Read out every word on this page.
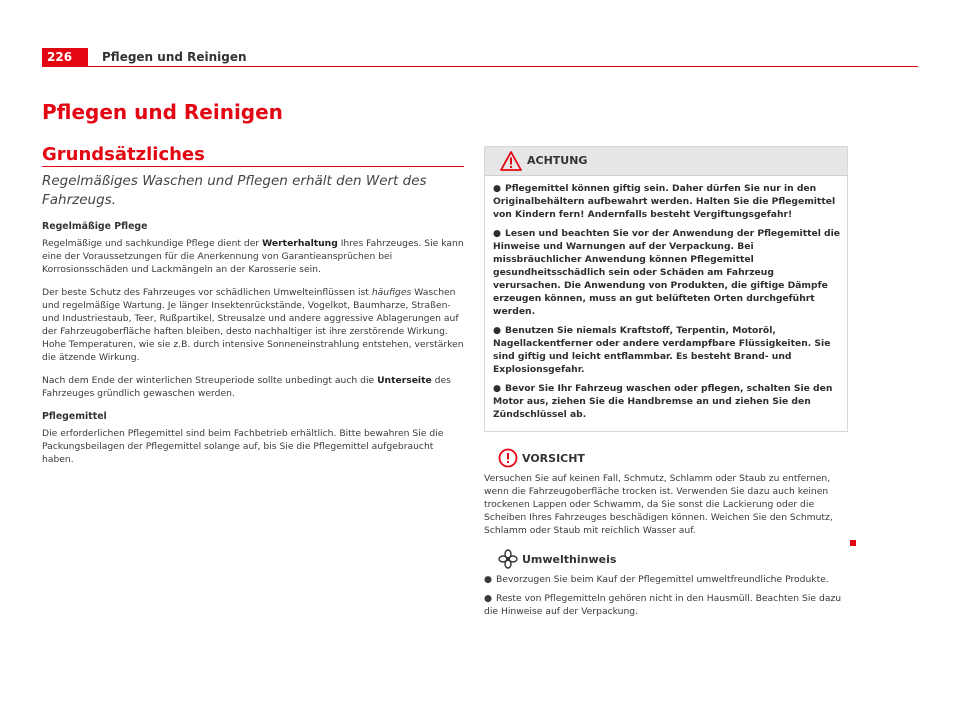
226	Pflegen und Reinigen
Pflegen und Reinigen
Grundsätzliches

Regelmäßiges Waschen und Pflegen erhält den Wert des Fahrzeugs.

Regelmäßige Pflege

Regelmäßige und sachkundige Pflege dient der Werterhaltung Ihres Fahrzeuges. Sie kann eine der Voraussetzungen für die Anerkennung von Garantieansprüchen bei Korrosionsschäden und Lackmängeln an der Karosserie sein.

Der beste Schutz des Fahrzeuges vor schädlichen Umwelteinflüssen ist häufiges Waschen und regelmäßige Wartung. Je länger Insektenrückstände, Vogelkot, Baumharze, Straßen- und Industriestaub, Teer, Rußpartikel, Streusalze und andere aggressive Ablagerungen auf der Fahrzeugoberfläche haften bleiben, desto nachhaltiger ist ihre zerstörende Wirkung. Hohe Temperaturen, wie sie z.B. durch intensive Sonneneinstrahlung entstehen, verstärken die ätzende Wirkung.

Nach dem Ende der winterlichen Streuperiode sollte unbedingt auch die Unterseite des Fahrzeuges gründlich gewaschen werden.

Pflegemittel

Die erforderlichen Pflegemittel sind beim Fachbetrieb erhältlich. Bitte bewahren Sie die Packungsbeilagen der Pflegemittel solange auf, bis Sie die Pflegemittel aufgebraucht haben.

ACHTUNG

● Pflegemittel können giftig sein. Daher dürfen Sie nur in den Originalbehältern aufbewahrt werden. Halten Sie die Pflegemittel von Kindern fern! Andernfalls besteht Vergiftungsgefahr!

● Lesen und beachten Sie vor der Anwendung der Pflegemittel die Hinweise und Warnungen auf der Verpackung. Bei missbräuchlicher Anwendung können Pflegemittel gesundheitsschädlich sein oder Schäden am Fahrzeug verursachen. Die Anwendung von Produkten, die giftige Dämpfe erzeugen können, muss an gut belüfteten Orten durchgeführt werden.

● Benutzen Sie niemals Kraftstoff, Terpentin, Motoröl, Nagellackentferner oder andere verdampfbare Flüssigkeiten. Sie sind giftig und leicht entflammbar. Es besteht Brand- und Explosionsgefahr.

● Bevor Sie Ihr Fahrzeug waschen oder pflegen, schalten Sie den Motor aus, ziehen Sie die Handbremse an und ziehen Sie den Zündschlüssel ab.

VORSICHT

Versuchen Sie auf keinen Fall, Schmutz, Schlamm oder Staub zu entfernen, wenn die Fahrzeugoberfläche trocken ist. Verwenden Sie dazu auch keinen trockenen Lappen oder Schwamm, da Sie sonst die Lackierung oder die Scheiben Ihres Fahrzeuges beschädigen können. Weichen Sie den Schmutz, Schlamm oder Staub mit reichlich Wasser auf.

Umwelthinweis

● Bevorzugen Sie beim Kauf der Pflegemittel umweltfreundliche Produkte.

● Reste von Pflegemitteln gehören nicht in den Hausmüll. Beachten Sie dazu die Hinweise auf der Verpackung.
